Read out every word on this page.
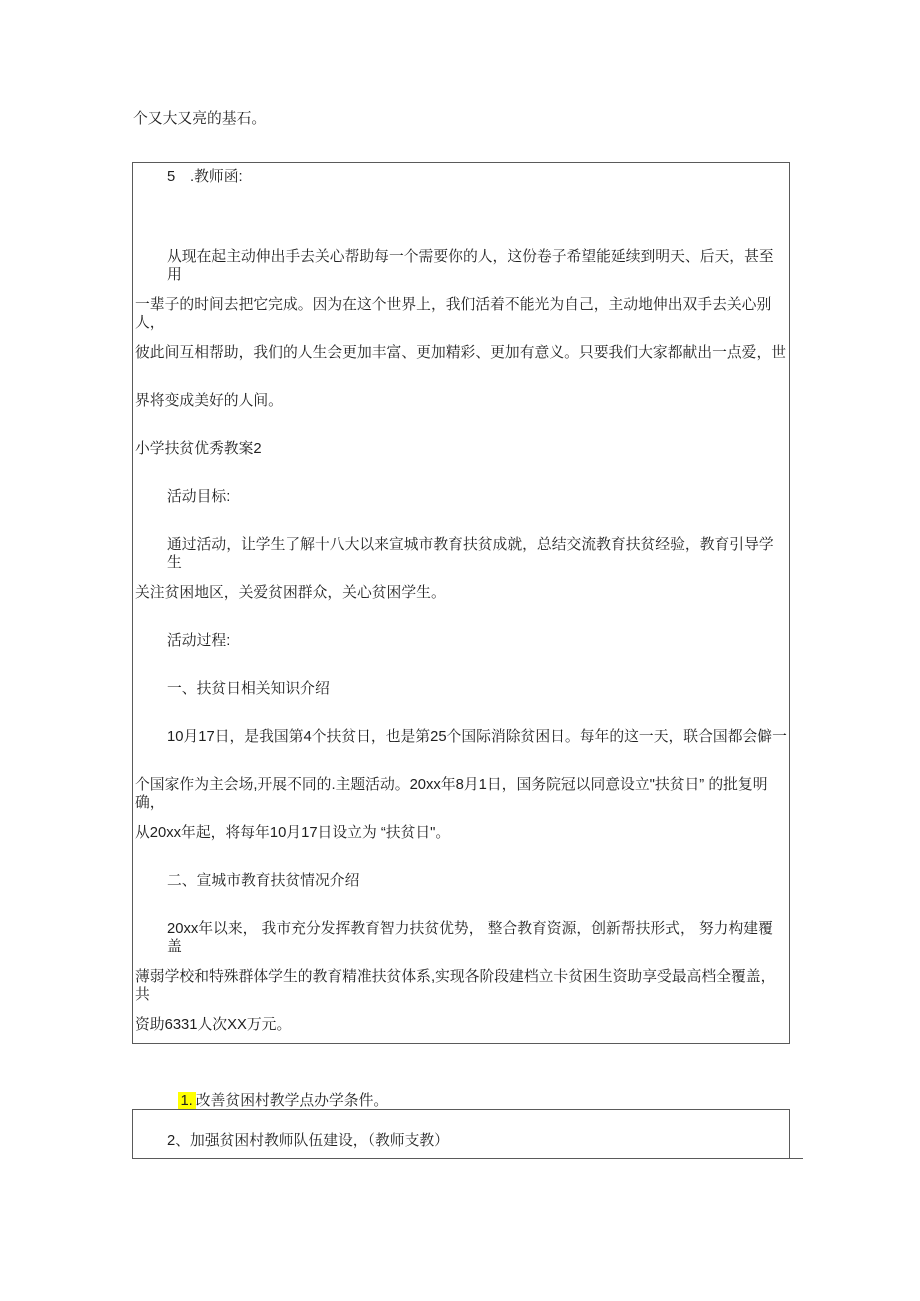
个又大又亮的基石。
5　.教师函:
从现在起主动伸出手去关心帮助每一个需要你的人，这份卷子希望能延续到明天、后天，甚至用
一辈子的时间去把它完成。因为在这个世界上，我们活着不能光为自己，主动地伸出双手去关心别人，
彼此间互相帮助，我们的人生会更加丰富、更加精彩、更加有意义。只要我们大家都献出一点爱，世
界将变成美好的人间。
小学扶贫优秀教案2
活动目标:
通过活动，让学生了解十八大以来宣城市教育扶贫成就，总结交流教育扶贫经验，教育引导学生
关注贫困地区，关爱贫困群众，关心贫困学生。
活动过程:
一、扶贫日相关知识介绍
10月17日，是我国第4个扶贫日，也是第25个国际消除贫困日。每年的这一天，联合国都会僻一
个国家作为主会场,开展不同的.主题活动。20xx年8月1日，国务院冠以同意设立"扶贫日” 的批复明确，
从20xx年起，将每年10月17日设立为 “扶贫日"。
二、宣城市教育扶贫情况介绍
20xx年以来， 我市充分发挥教育智力扶贫优势， 整合教育资源，创新帮扶形式， 努力构建覆盖
薄弱学校和特殊群体学生的教育精准扶贫体系,实现各阶段建档立卡贫困生资助享受最高档全覆盖，共
资助6331人次XX万元。

1. 改善贫困村教学点办学条件。

2、加强贫困村教师队伍建设，（教师支教）
